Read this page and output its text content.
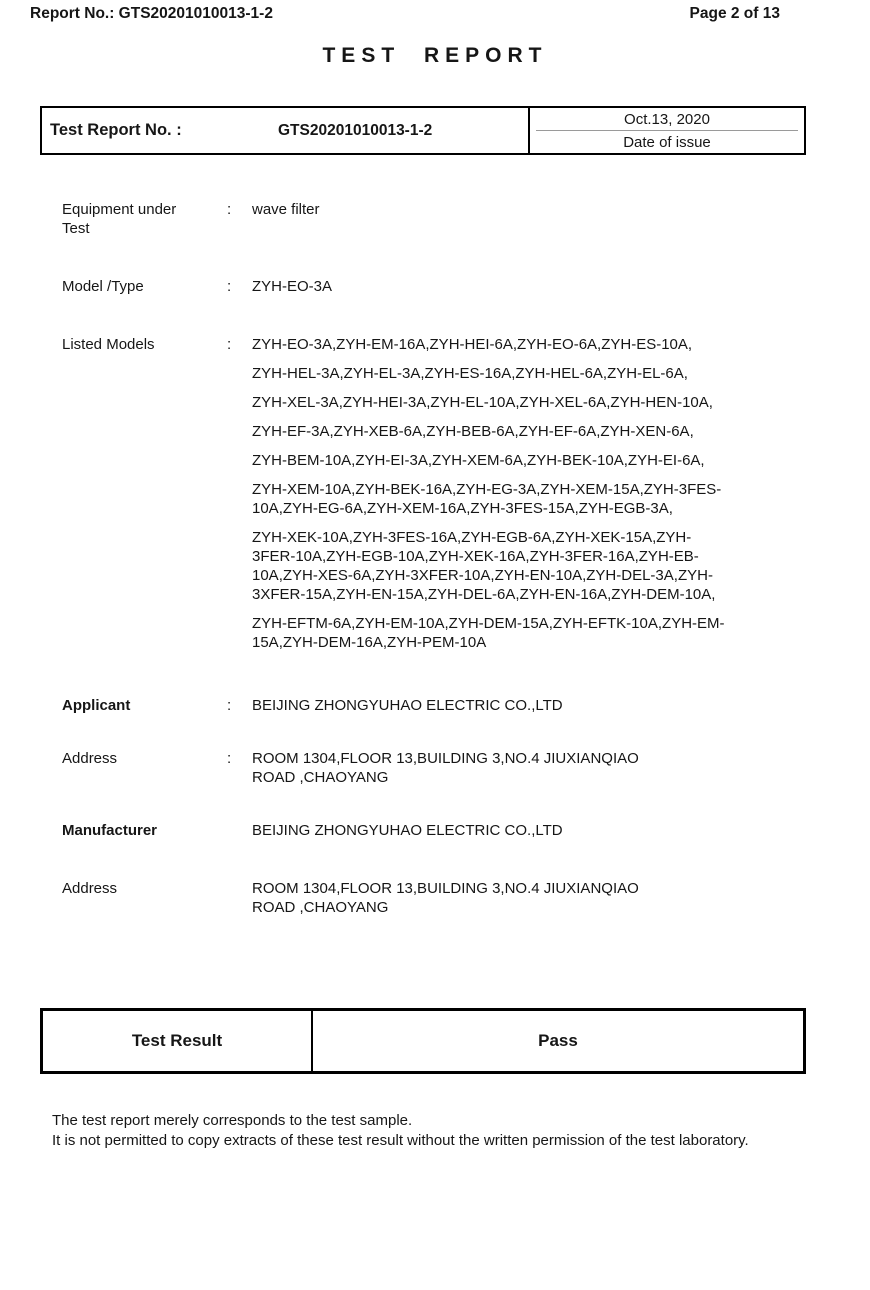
Report No.: GTS20201010013-1-2	Page 2 of 13
TEST REPORT
Test Report No. :	GTS20201010013-1-2
Oct.13, 2020
Date of issue
Equipment under Test
: wave filter
Model /Type	: ZYH-EO-3A
Listed Models	: ZYH-EO-3A,ZYH-EM-16A,ZYH-HEI-6A,ZYH-EO-6A,ZYH-ES-10A,
ZYH-HEL-3A,ZYH-EL-3A,ZYH-ES-16A,ZYH-HEL-6A,ZYH-EL-6A,
ZYH-XEL-3A,ZYH-HEI-3A,ZYH-EL-10A,ZYH-XEL-6A,ZYH-HEN-10A,
ZYH-EF-3A,ZYH-XEB-6A,ZYH-BEB-6A,ZYH-EF-6A,ZYH-XEN-6A,
ZYH-BEM-10A,ZYH-EI-3A,ZYH-XEM-6A,ZYH-BEK-10A,ZYH-EI-6A,
ZYH-XEM-10A,ZYH-BEK-16A,ZYH-EG-3A,ZYH-XEM-15A,ZYH-3FES-
10A,ZYH-EG-6A,ZYH-XEM-16A,ZYH-3FES-15A,ZYH-EGB-3A,
ZYH-XEK-10A,ZYH-3FES-16A,ZYH-EGB-6A,ZYH-XEK-15A,ZYH-
3FER-10A,ZYH-EGB-10A,ZYH-XEK-16A,ZYH-3FER-16A,ZYH-EB-
10A,ZYH-XES-6A,ZYH-3XFER-10A,ZYH-EN-10A,ZYH-DEL-3A,ZYH-
3XFER-15A,ZYH-EN-15A,ZYH-DEL-6A,ZYH-EN-16A,ZYH-DEM-10A,
ZYH-EFTM-6A,ZYH-EM-10A,ZYH-DEM-15A,ZYH-EFTK-10A,ZYH-EM-
15A,ZYH-DEM-16A,ZYH-PEM-10A
Applicant	: BEIJING ZHONGYUHAO ELECTRIC CO.,LTD
Address	: ROOM 1304,FLOOR 13,BUILDING 3,NO.4 JIUXIANQIAO
ROAD ,CHAOYANG
Manufacturer	BEIJING ZHONGYUHAO ELECTRIC CO.,LTD
Address	ROOM 1304,FLOOR 13,BUILDING 3,NO.4 JIUXIANQIAO
ROAD ,CHAOYANG
Test Result	Pass

The test report merely corresponds to the test sample.

It is not permitted to copy extracts of these test result without the written permission of the test laboratory.
